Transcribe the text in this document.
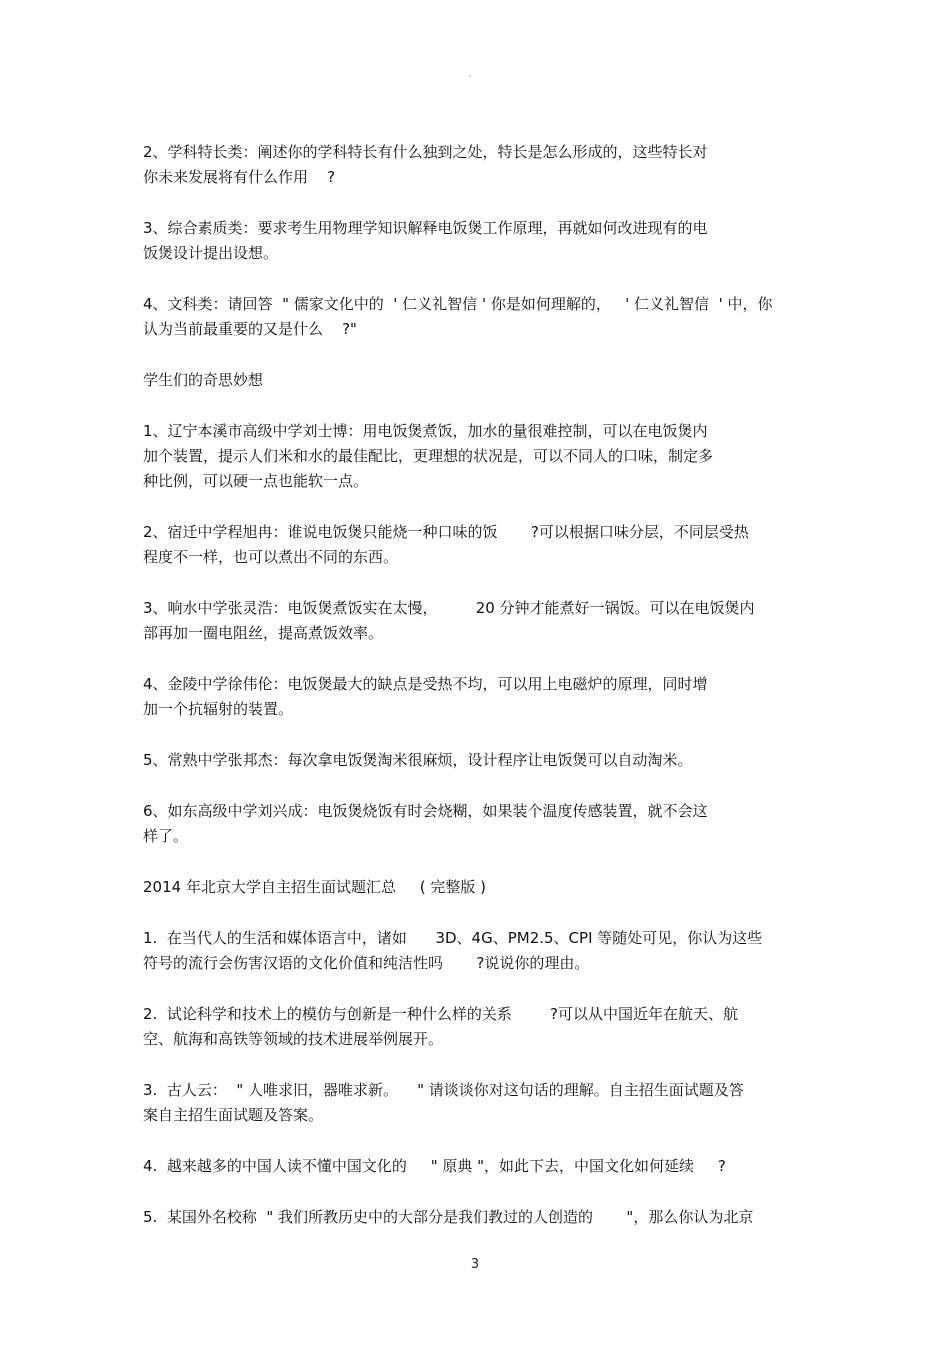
。
2、学科特长类：阐述你的学科特长有什么独到之处，特长是怎么形成的，这些特长对
你未来发展将有什么作用    ?
3、综合素质类：要求考生用物理学知识解释电饭煲工作原理，再就如何改进现有的电
饭煲设计提出设想。
4、文科类：请回答  " 儒家文化中的  ' 仁义礼智信 ' 你是如何理解的，   ' 仁义礼智信  ' 中，你
认为当前最重要的又是什么    ?"
学生们的奇思妙想
1、辽宁本溪市高级中学刘士博：用电饭煲煮饭，加水的量很难控制，可以在电饭煲内
加个装置，提示人们米和水的最佳配比，更理想的状况是，可以不同人的口味，制定多
种比例，可以硬一点也能软一点。
2、宿迁中学程旭冉：谁说电饭煲只能烧一种口味的饭       ?可以根据口味分层，不同层受热
程度不一样，也可以煮出不同的东西。
3、响水中学张灵浩：电饭煲煮饭实在太慢，        20 分钟才能煮好一锅饭。可以在电饭煲内
部再加一圈电阻丝，提高煮饭效率。
4、金陵中学徐伟伦：电饭煲最大的缺点是受热不均，可以用上电磁炉的原理，同时增
加一个抗辐射的装置。
5、常熟中学张邦杰：每次拿电饭煲淘米很麻烦，设计程序让电饭煲可以自动淘米。
6、如东高级中学刘兴成：电饭煲烧饭有时会烧糊，如果装个温度传感装置，就不会这
样了。
2014 年北京大学自主招生面试题汇总     ( 完整版 )
1.  在当代人的生活和媒体语言中，诸如      3D、4G、PM2.5、CPI 等随处可见，你认为这些
符号的流行会伤害汉语的文化价值和纯洁性吗       ?说说你的理由。
2.  试论科学和技术上的模仿与创新是一种什么样的关系        ?可以从中国近年在航天、航
空、航海和高铁等领域的技术进展举例展开。
3.  古人云：  " 人唯求旧，器唯求新。    " 请谈谈你对这句话的理解。自主招生面试题及答
案自主招生面试题及答案。
4.  越来越多的中国人读不懂中国文化的     " 原典 "，如此下去，中国文化如何延续     ?
5.  某国外名校称  " 我们所教历史中的大部分是我们教过的人创造的       "，那么你认为北京
3
